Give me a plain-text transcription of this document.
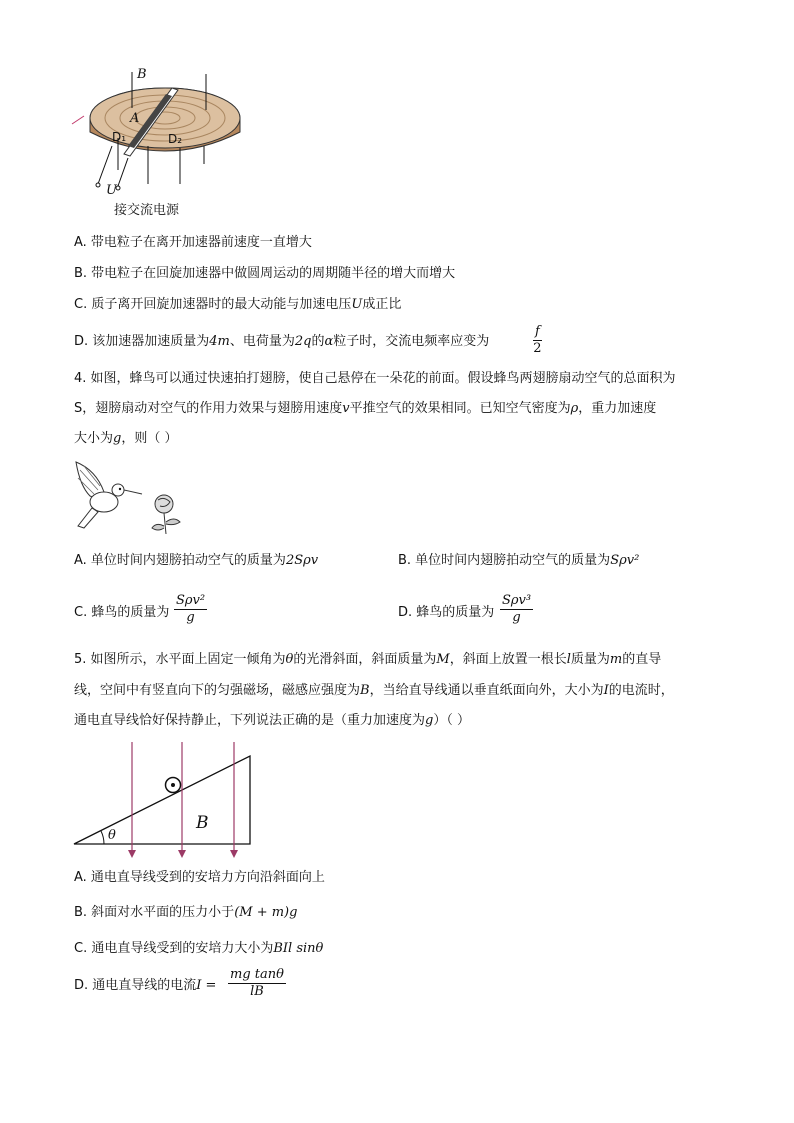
B
A
D₁	D₂
U
接交流电源
A. 带电粒子在离开加速器前速度一直增大
B. 带电粒子在回旋加速器中做圆周运动的周期随半径的增大而增大
C. 质子离开回旋加速器时的最大动能与加速电压U成正比
D. 该加速器加速质量为4m、电荷量为2q的α粒子时，交流电频率应变为	$\frac{f}{2}$
4. 如图，蜂鸟可以通过快速拍打翅膀，使自己悬停在一朵花的前面。假设蜂鸟两翅膀扇动空气的总面积为
S，翅膀扇动对空气的作用力效果与翅膀用速度v平推空气的效果相同。已知空气密度为ρ，重力加速度
大小为g，则（ ）
A. 单位时间内翅膀拍动空气的质量为2Sρv	B. 单位时间内翅膀拍动空气的质量为Sρv²
C. 蜂鸟的质量为
Sρv²
g	D. 蜂鸟的质量为
Sρv³
g
5. 如图所示，水平面上固定一倾角为θ的光滑斜面，斜面质量为M，斜面上放置一根长l质量为m的直导
线，空间中有竖直向下的匀强磁场，磁感应强度为B，当给直导线通以垂直纸面向外，大小为I的电流时，
通电直导线恰好保持静止，下列说法正确的是（重力加速度为g）（ ）
B
θ
A. 通电直导线受到的安培力方向沿斜面向上
B. 斜面对水平面的压力小于(M + m)g
C. 通电直导线受到的安培力大小为BIl sinθ
D. 通电直导线的电流$I = \frac{\text{mg tanθ}}{lB}$
